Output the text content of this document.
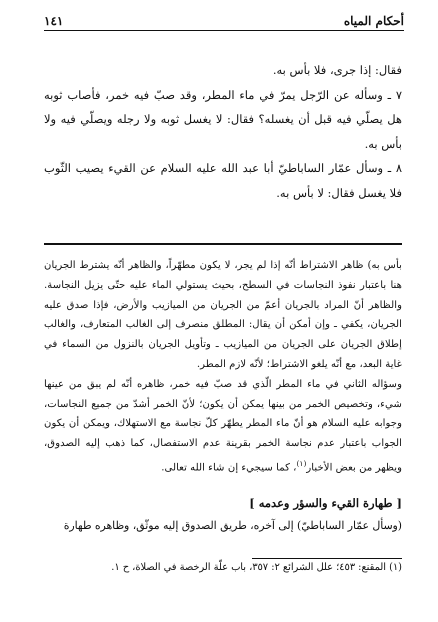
أحكام المياه
١٤١

فقال: إذا جرى، فلا بأس به.

٧ ـ وسأله عن الرّجل يمرّ في ماء المطر، وقد صبّ فيه خمر، فأصاب ثوبه هل يصلّي فيه قبل أن يغسله؟ فقال: لا يغسل ثوبه ولا رجله ويصلّي فيه ولا بأس به.

٨ ـ وسأل عمّار الساباطيّ أبا عبد الله عليه السلام عن القيء يصيب الثّوب فلا يغسل فقال: لا بأس به.

بأس به) ظاهر الاشتراط أنّه إذا لم يجر، لا يكون مطهّراً، والظاهر أنّه يشترط الجريان هنا باعتبار نفوذ النجاسات في السطح، بحيث يستولي الماء عليه حتّى يزيل النجاسة. والظاهر أنّ المراد بالجريان أعمّ من الجريان من الميازيب والأرض، فإذا صدق عليه الجريان، يكفي ـ وإن أمكن أن يقال: المطلق منصرف إلى الغالب المتعارف، والغالب إطلاق الجريان على الجريان من الميازيب ـ وتأويل الجريان بالنزول من السماء في غاية البعد، مع أنّه يلغو الاشتراط؛ لأنّه لازم المطر.

وسؤاله الثاني في ماء المطر الّذي قد صبّ فيه خمر، ظاهره أنّه لم يبق من عينها شيء، وتخصيص الخمر من بينها يمكن أن يكون؛ لأنّ الخمر أشدّ من جميع النجاسات، وجوابه عليه السلام هو أنّ ماء المطر يطهّر كلّ نجاسة مع الاستهلاك، ويمكن أن يكون الجواب باعتبار عدم نجاسة الخمر بقرينة عدم الاستفصال، كما ذهب إليه الصدوق، ويظهر من بعض الأخبار$^{(١)}$، كما سيجيء إن شاء الله تعالى.

[ طهارة القيء والسؤر وعدمه ]

(وسأل عمّار الساباطيّ) إلى آخره، طريق الصدوق إليه موثّق، وظاهره طهارة

(١) المقنع: ٤٥٣؛ علل الشرائع ٢: ٣٥٧، باب علّة الرخصة في الصلاة، ح ١.
